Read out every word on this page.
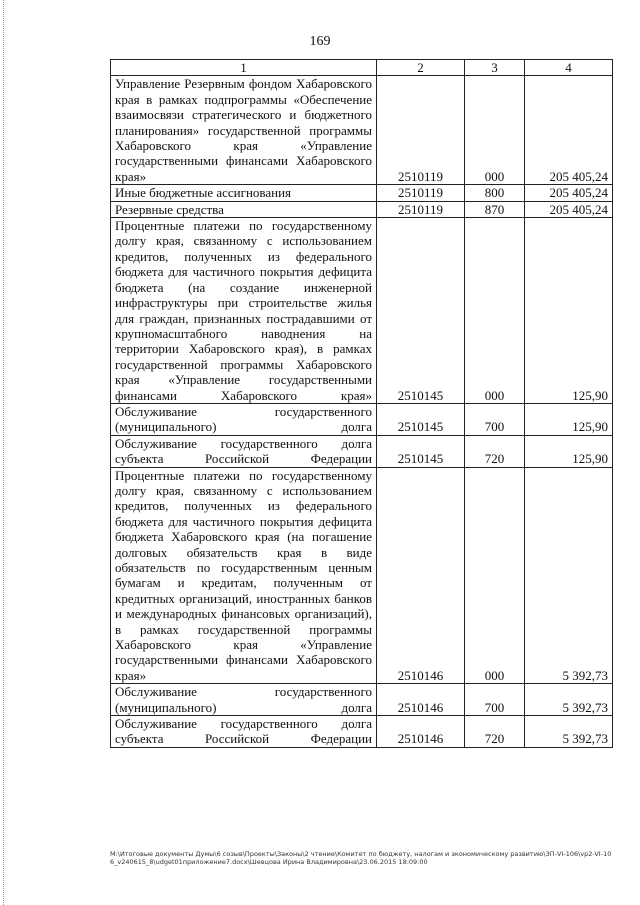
169
1	2	3	4
Управление Резервным фондом Хабаровского края в рамках подпрограммы «Обеспечение взаимосвязи стратегического и бюджетного планирования» государственной программы Хабаровского края «Управление государственными финансами Хабаровского края»	2510119	000	205 405,24
Иные бюджетные ассигнования	2510119	800	205 405,24
Резервные средства	2510119	870	205 405,24
Процентные платежи по государственному долгу края, связанному с использованием кредитов, полученных из федерального бюджета для частичного покрытия дефицита бюджета (на создание инженерной инфраструктуры при строительстве жилья для граждан, признанных пострадавшими от крупномасштабного наводнения на территории Хабаровского края), в рамках государственной программы Хабаровского края «Управление государственными финансами Хабаровского края»	2510145	000	125,90
Обслуживание государственного (муниципального) долга	2510145	700	125,90
Обслуживание государственного долга субъекта Российской Федерации	2510145	720	125,90
Процентные платежи по государственному долгу края, связанному с использованием кредитов, полученных из федерального бюджета для частичного покрытия дефицита бюджета Хабаровского края (на погашение долговых обязательств края в виде обязательств по государственным ценным бумагам и кредитам, полученным от кредитных организаций, иностранных банков и международных финансовых организаций), в рамках государственной программы Хабаровского края «Управление государственными финансами Хабаровского края»	2510146	000	5 392,73
Обслуживание государственного (муниципального) долга	2510146	700	5 392,73
Обслуживание государственного долга субъекта Российской Федерации	2510146	720	5 392,73
М:\Итоговые документы Думы\6 созыв\Проекты\Законы\2 чтение\Комитет по бюджету, налогам и экономическому развитию\ЗП-VI-106\vp2-VI-106_v240615_8\udget01приложение7.docx\Шевцова Ирина Владимировна\23.06.2015 18:09:00
